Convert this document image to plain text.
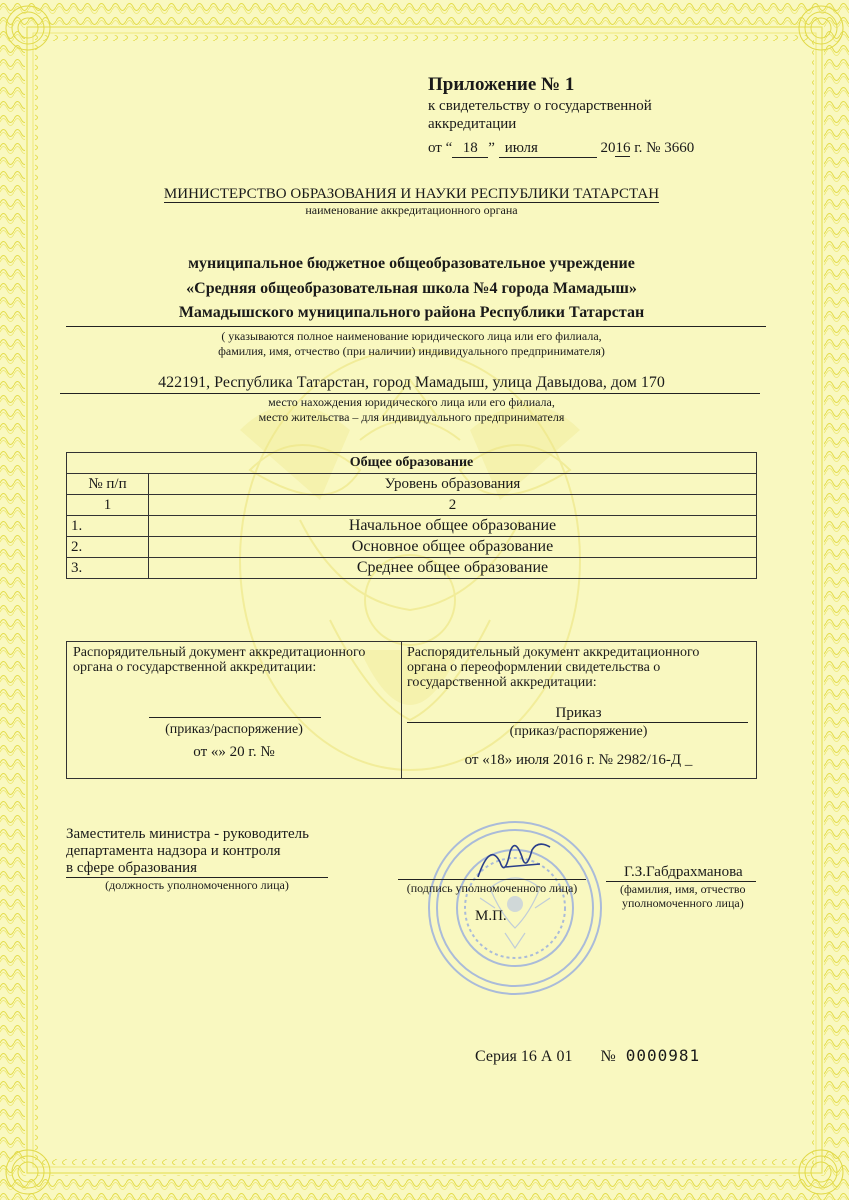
Приложение № 1
к свидетельству о государственной
аккредитации
от “ 18 ” июля	2016 г. № 3660
МИНИСТЕРСТВО ОБРАЗОВАНИЯ И НАУКИ РЕСПУБЛИКИ ТАТАРСТАН
наименование аккредитационного органа
муниципальное бюджетное общеобразовательное учреждение
«Средняя общеобразовательная школа №4 города Мамадыш»
Мамадышского муниципального района Республики Татарстан
( указываются полное наименование юридического лица или его филиала,
фамилия, имя, отчество (при наличии) индивидуального предпринимателя)
422191, Республика Татарстан, город Мамадыш, улица Давыдова, дом 170
место нахождения юридического лица или его филиала,
место жительства – для индивидуального предпринимателя
Общее образование	
№ п/п	Уровень образования
1	2
1.	Начальное общее образование
2.	Основное общее образование
3.	Среднее общее образование
Распорядительный документ аккредитационного
органа о государственной аккредитации:
(приказ/распоряжение)
от «» 20 г. №
Распорядительный документ аккредитационного
органа о переоформлении свидетельства о
государственной аккредитации:
Приказ
(приказ/распоряжение)
от «18» июля 2016 г. № 2982/16-Д _
Заместитель министра - руководитель
департамента надзора и контроля
в сфере образования
(должность уполномоченного лица)	(подпись уполномоченного лица)
Г.З.Габдрахманова
(фамилия, имя, отчество
уполномоченного лица)
М.П.
Серия 16 А 01 № 0000981
